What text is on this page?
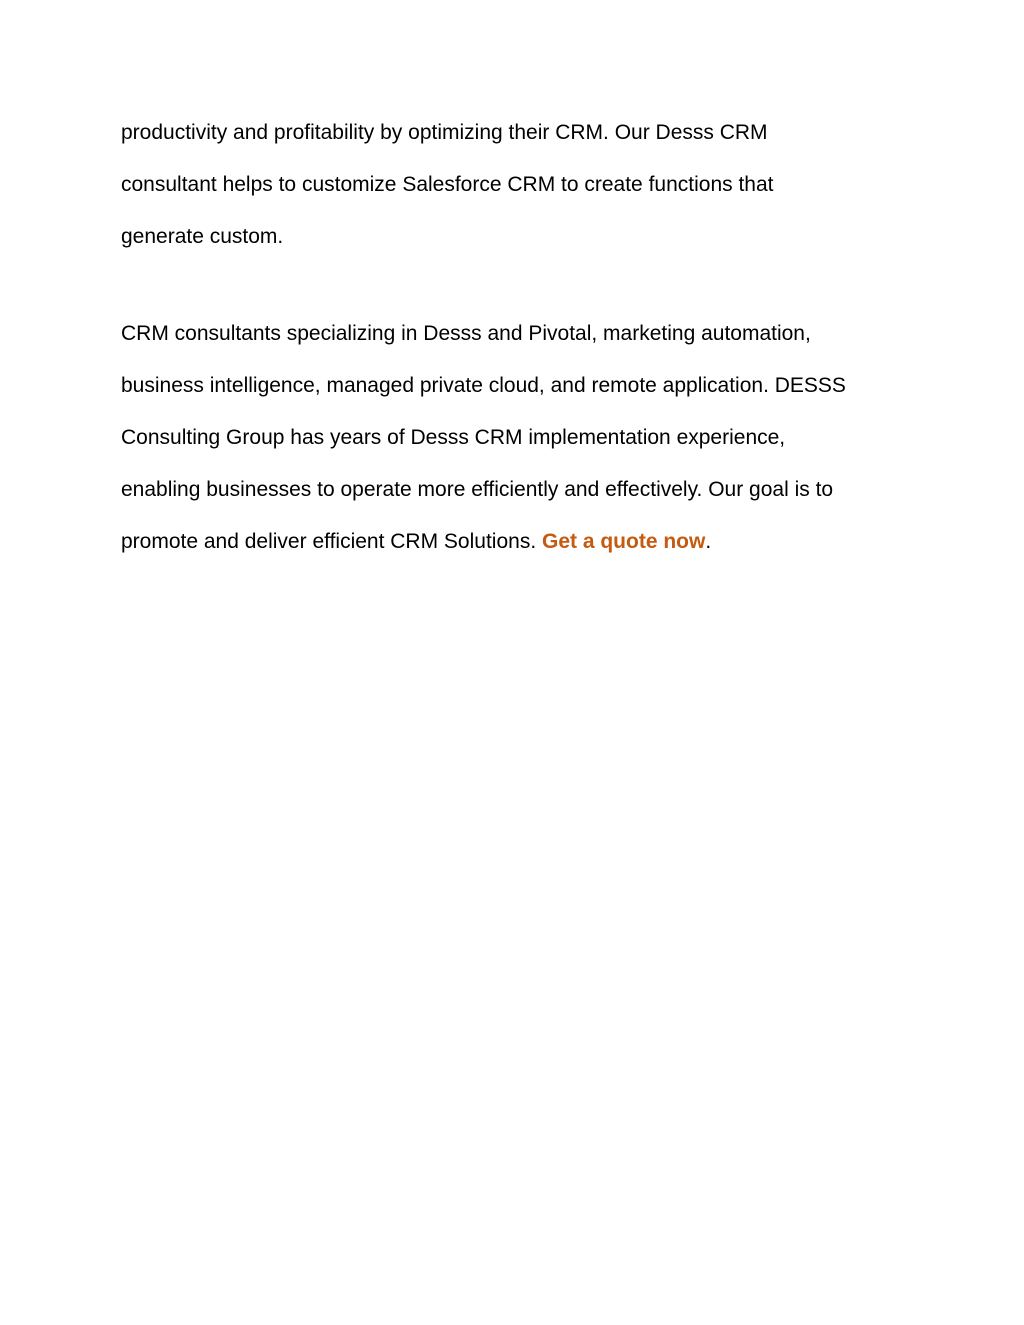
productivity and profitability by optimizing their CRM. Our Desss CRM

consultant helps to customize Salesforce CRM to create functions that

generate custom.

CRM consultants specializing in Desss and Pivotal, marketing automation,

business intelligence, managed private cloud, and remote application. DESSS

Consulting Group has years of Desss CRM implementation experience,

enabling businesses to operate more efficiently and effectively. Our goal is to

promote and deliver efficient CRM Solutions. Get a quote now.
